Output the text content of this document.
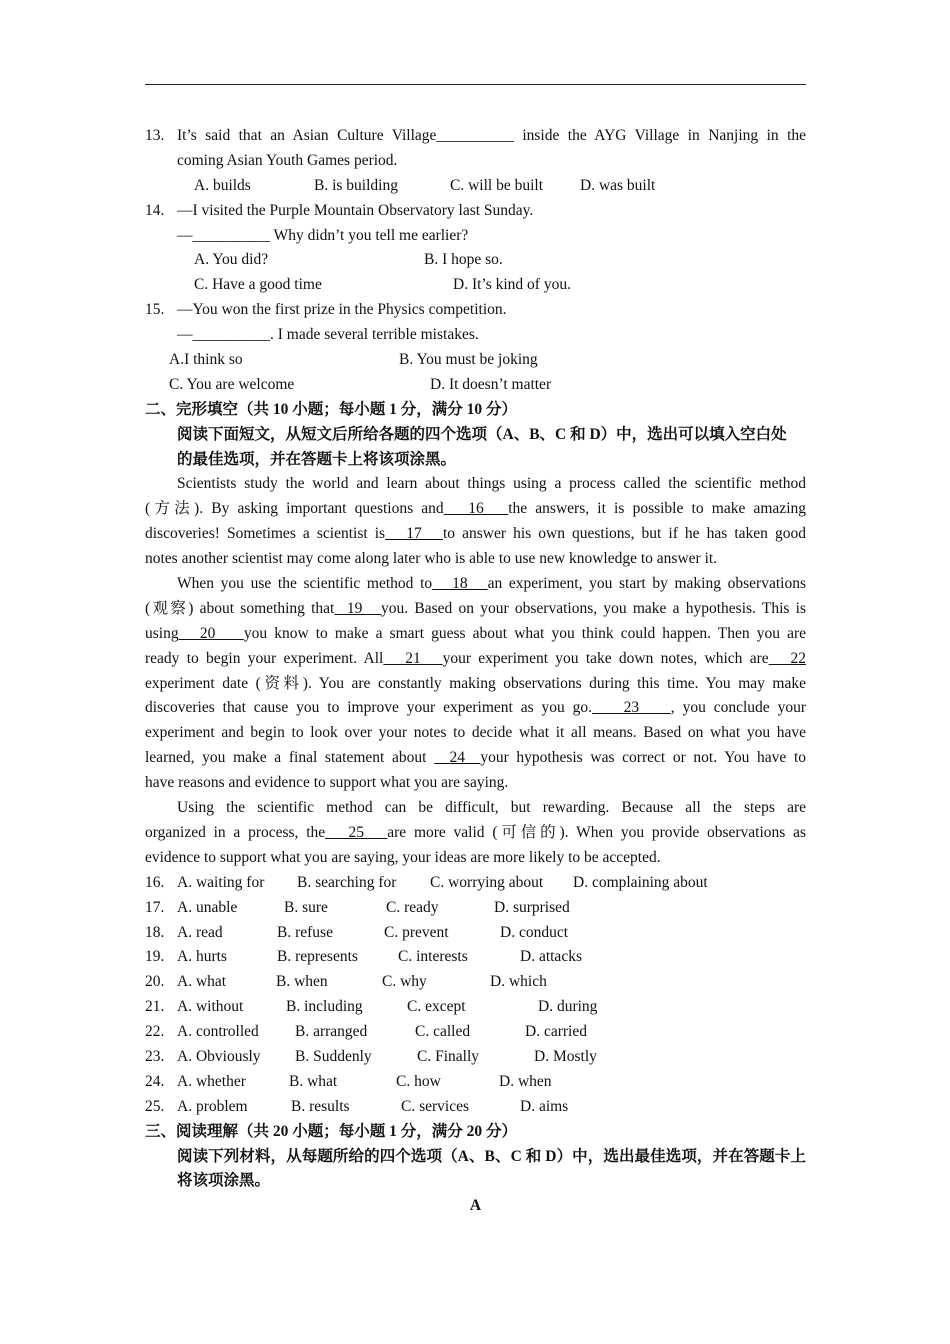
13. It’s said that an Asian Culture Village__________ inside the AYG Village in Nanjing in the
coming Asian Youth Games period.
A. builds	B. is building	C. will be built D. was built
14. —I visited the Purple Mountain Observatory last Sunday.
—__________ Why didn’t you tell me earlier?
A. You did?	B. I hope so.
C. Have a good time	D. It’s kind of you.
15. —You won the first prize in the Physics competition.
—__________. I made several terrible mistakes.
A.I think so	B. You must be joking
C. You are welcome	D. It doesn’t matter
二、完形填空（共 10 小题；每小题 1 分，满分 10 分）
阅读下面短文，从短文后所给各题的四个选项（A、B、C 和 D）中，选出可以填入空白处
的最佳选项，并在答题卡上将该项涂黑。
Scientists study the world and learn about things using a process called the scientific method
(方法). By asking important questions and   16   the answers, it is possible to make amazing
discoveries! Sometimes a scientist is   17   to answer his own questions, but if he has taken good
notes another scientist may come along later who is able to use new knowledge to answer it.
When you use the scientific method to   18   an experiment, you start by making observations
(观察) about something that  19   you. Based on your observations, you make a hypothesis. This is
using   20    you know to make a smart guess about what you think could happen. Then you are
ready to begin your experiment. All   21   your experiment you take down notes, which are   22
experiment date (资料). You are constantly making observations during this time. You may make
discoveries that cause you to improve your experiment as you go.    23    , you conclude your
experiment and begin to look over your notes to decide what it all means. Based on what you have
learned, you make a final statement about   24  your hypothesis was correct or not. You have to
have reasons and evidence to support what you are saying.
Using the scientific method can be difficult, but rewarding. Because all the steps are
organized in a process, the   25   are more valid (可信的). When you provide observations as
evidence to support what you are saying, your ideas are more likely to be accepted.
16. A. waiting for B. searching for C. worrying about D. complaining about
17. A. unable	B. sure	C. ready	D. surprised
18. A. read	B. refuse	C. prevent	D. conduct
19. A. hurts	B. represents	C. interests	D. attacks
20. A. what	B. when	C. why	D. which
21. A. without	B. including	C. except	D. during
22. A. controlled B. arranged	C. called	D. carried
23. A. Obviously B. Suddenly	C. Finally	D. Mostly
24. A. whether	B. what	C. how	D. when
25. A. problem	B. results	C. services	D. aims
三、阅读理解（共 20 小题；每小题 1 分，满分 20 分）
阅读下列材料，从每题所给的四个选项（A、B、C 和 D）中，选出最佳选项，并在答题卡上
将该项涂黑。
A
